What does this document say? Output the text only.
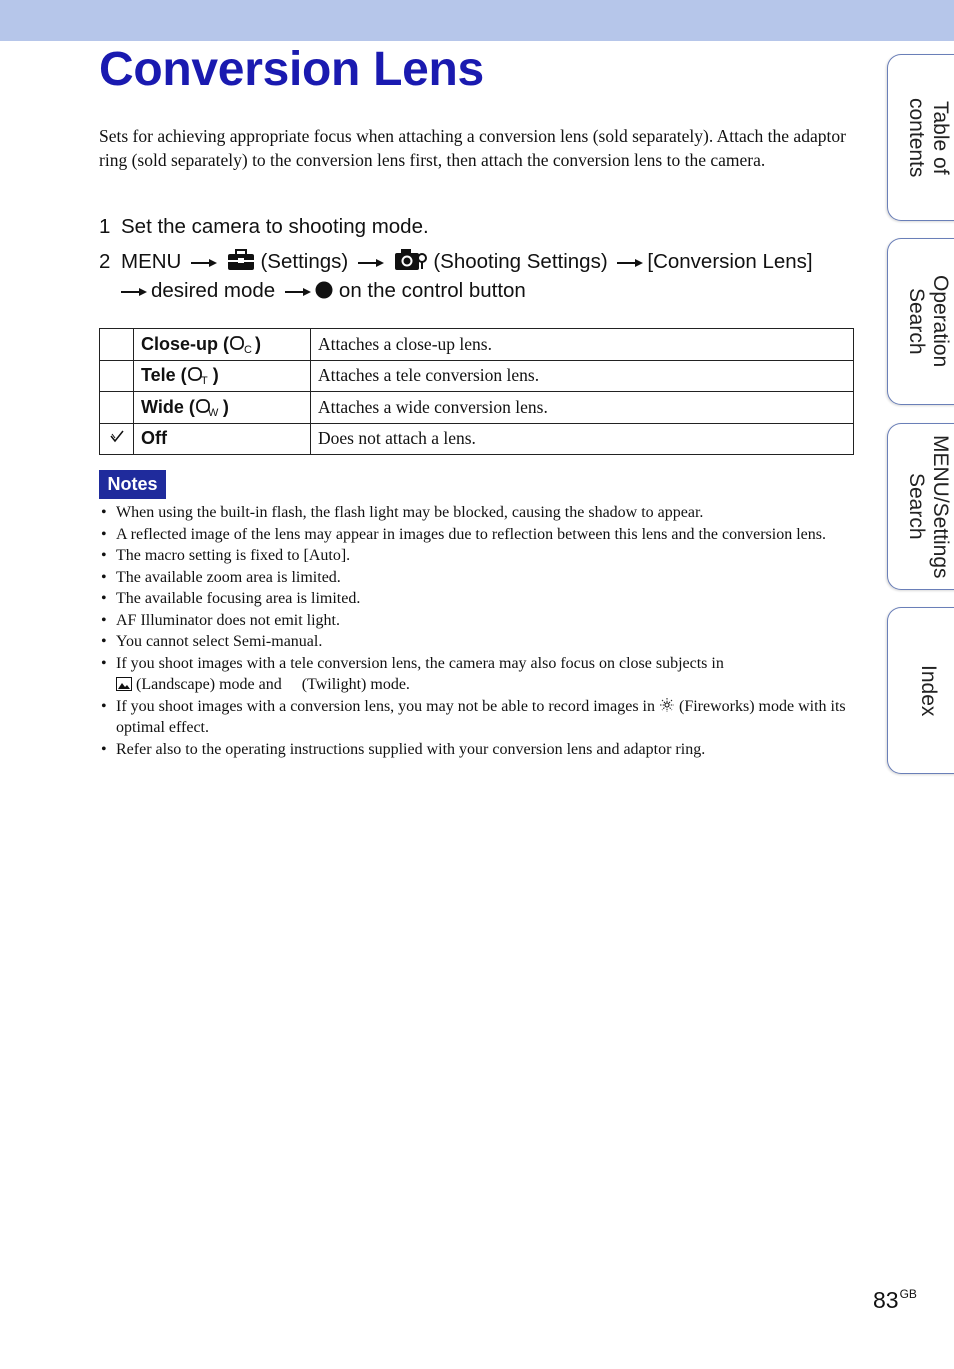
Conversion Lens

Sets for achieving appropriate focus when attaching a conversion lens (sold separately). Attach the adaptor ring (sold separately) to the conversion lens first, then attach the conversion lens to the camera.

1 Set the camera to shooting mode.
2 MENU	(Settings)	(Shooting Settings) [Conversion Lens]
desired mode	on the control button
	Close-up ( C )	Attaches a close-up lens.
	Tele ( T )	Attaches a tele conversion lens.
	Wide ( W )	Attaches a wide conversion lens.
	Off	Does not attach a lens.
Notes
• When using the built-in flash, the flash light may be blocked, causing the shadow to appear.
• A reflected image of the lens may appear in images due to reflection between this lens and the conversion lens.
• The macro setting is fixed to [Auto].
• The available zoom area is limited.
• The available focusing area is limited.
• AF Illuminator does not emit light.
• You cannot select Semi-manual.
• If you shoot images with a tele conversion lens, the camera may also focus on close subjects in
(Landscape) mode and (Twilight) mode.
• If you shoot images with a conversion lens, you may not be able to record images in (Fireworks) mode with its optimal effect.
• Refer also to the operating instructions supplied with your conversion lens and adaptor ring.
Table of
contents
Operation
Search
MENU/Settings
Search
Index
$83^{GB}$
